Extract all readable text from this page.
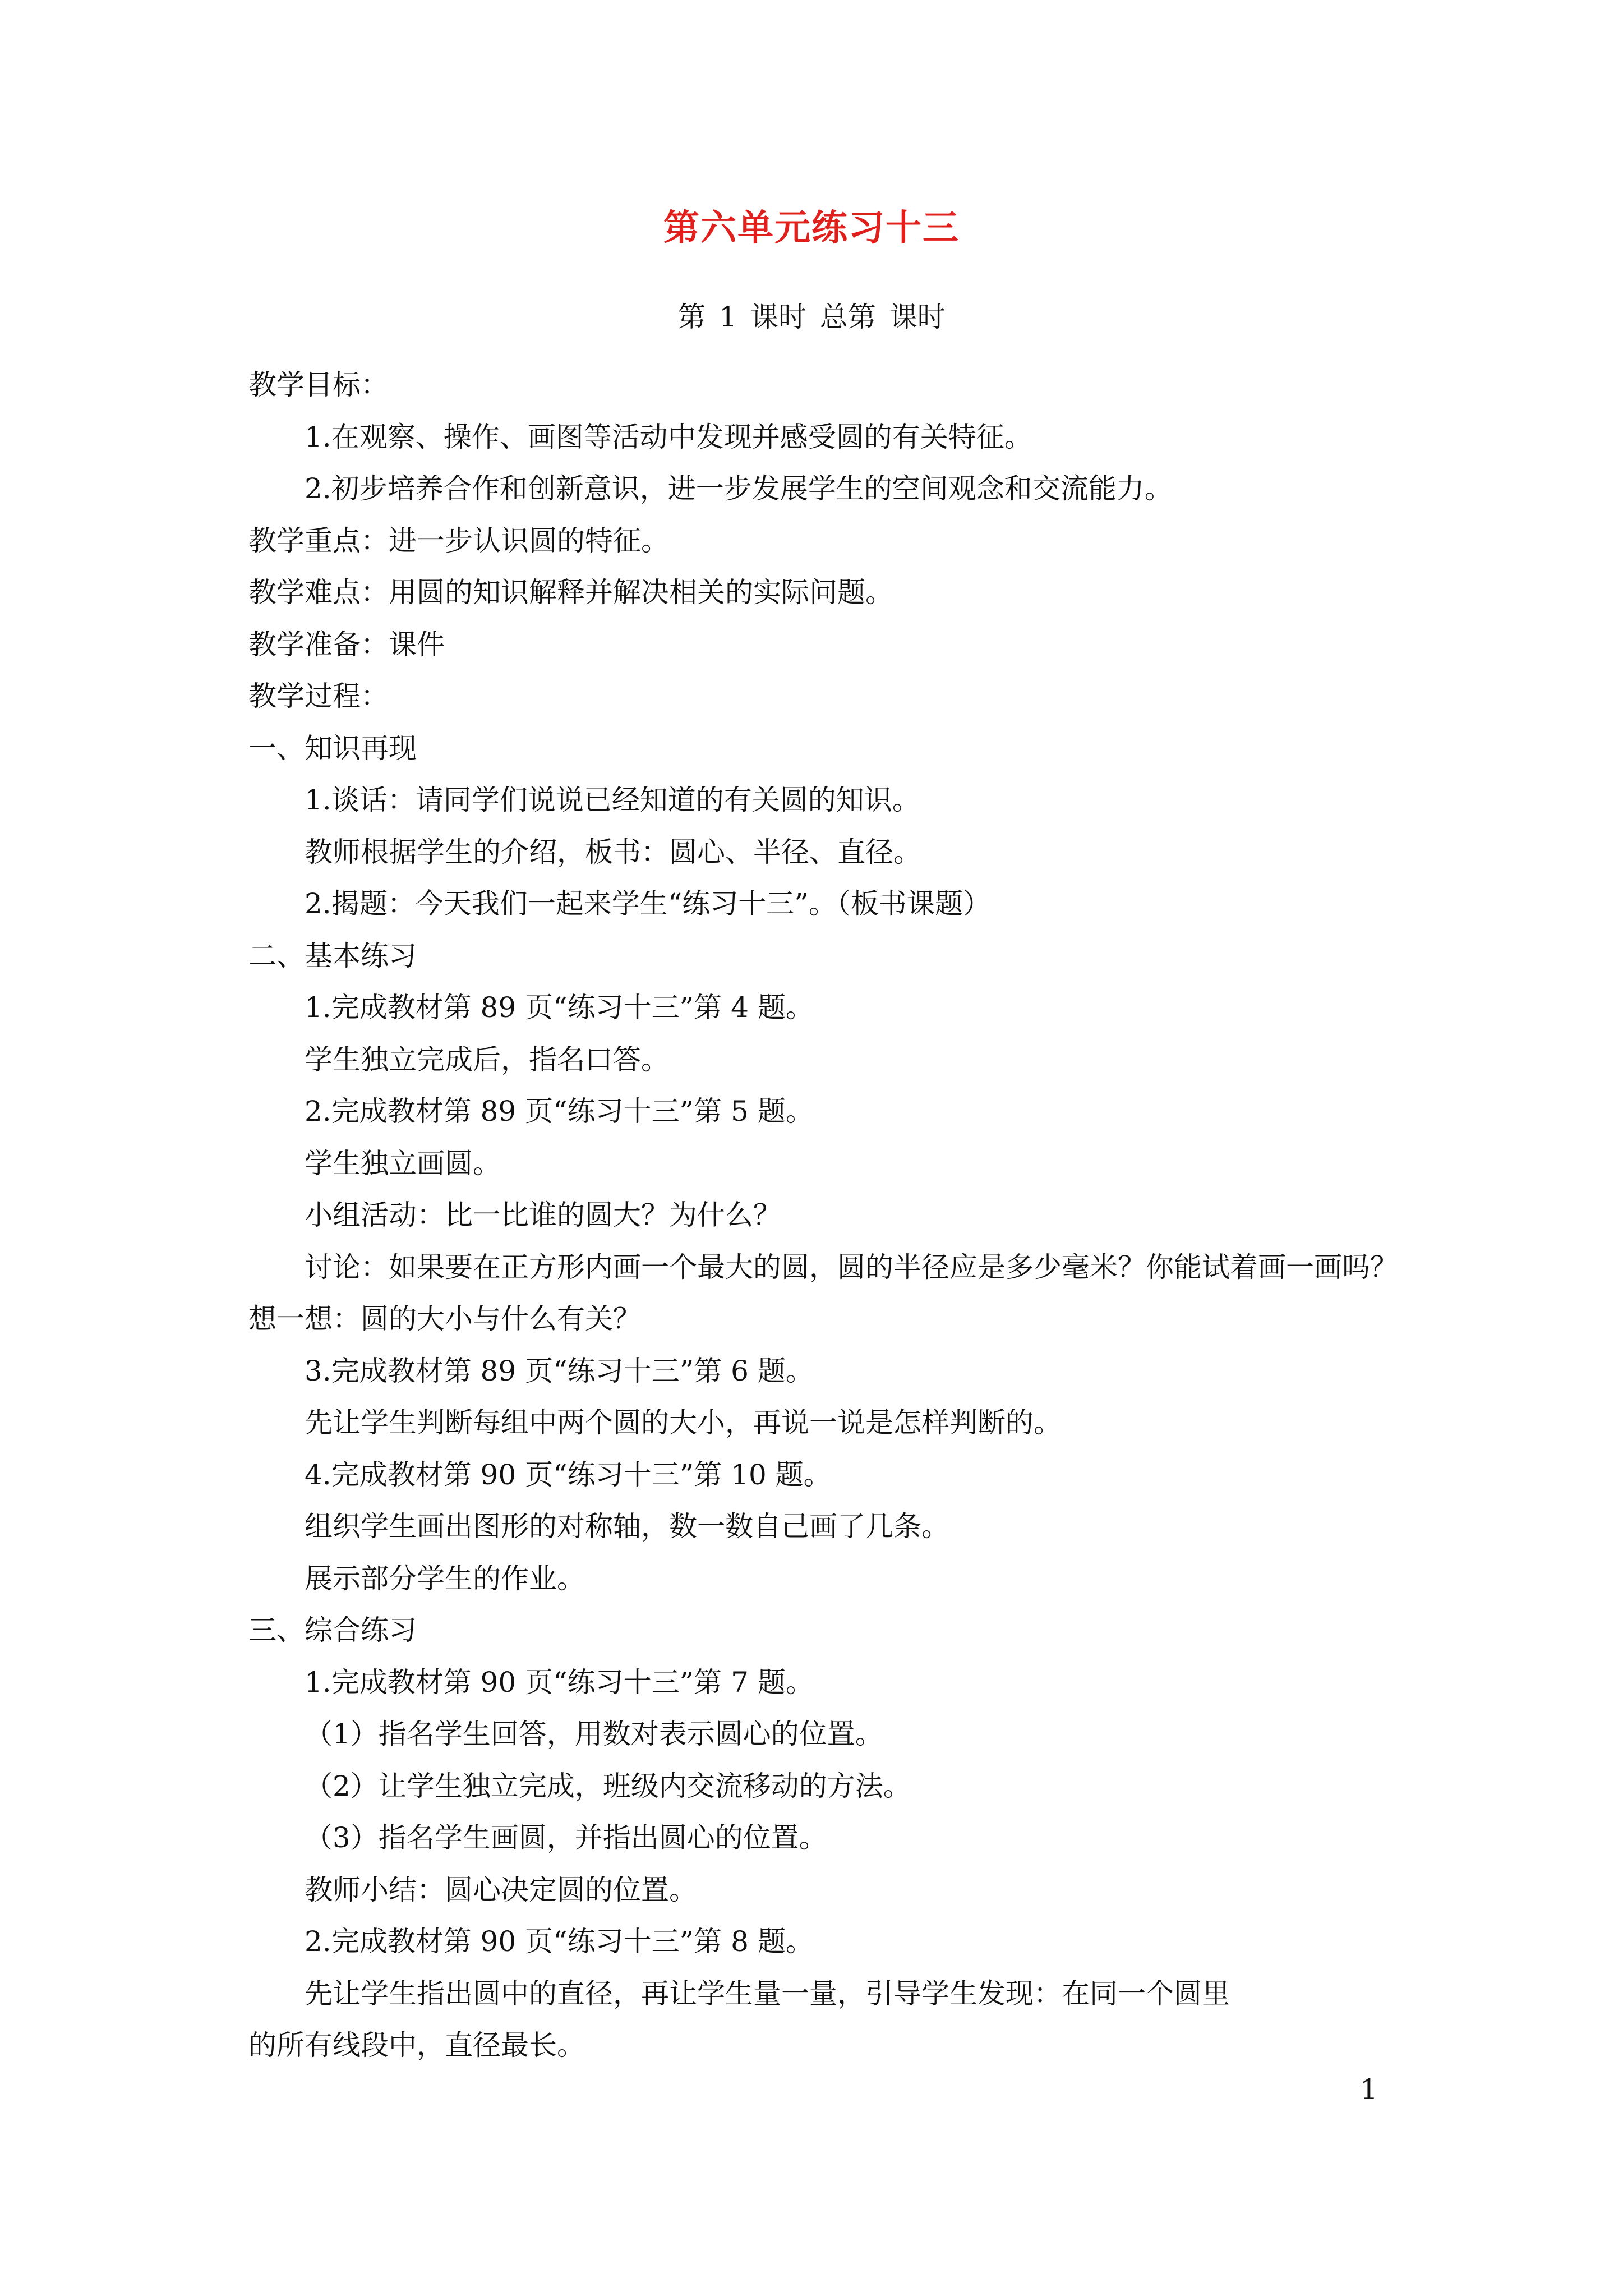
第六单元练习十三
第 1 课时 总第 课时
教学目标：
1.在观察、操作、画图等活动中发现并感受圆的有关特征。
2.初步培养合作和创新意识，进一步发展学生的空间观念和交流能力。
教学重点：进一步认识圆的特征。
教学难点：用圆的知识解释并解决相关的实际问题。
教学准备：课件
教学过程：
一、知识再现
1.谈话：请同学们说说已经知道的有关圆的知识。
教师根据学生的介绍，板书：圆心、半径、直径。
2.揭题：今天我们一起来学生“练习十三”。（板书课题）
二、基本练习
1.完成教材第 89 页“练习十三”第 4 题。
学生独立完成后，指名口答。
2.完成教材第 89 页“练习十三”第 5 题。
学生独立画圆。
小组活动：比一比谁的圆大？为什么？
讨论：如果要在正方形内画一个最大的圆，圆的半径应是多少毫米？你能试着画一画吗？
想一想：圆的大小与什么有关？
3.完成教材第 89 页“练习十三”第 6 题。
先让学生判断每组中两个圆的大小，再说一说是怎样判断的。
4.完成教材第 90 页“练习十三”第 10 题。
组织学生画出图形的对称轴，数一数自己画了几条。
展示部分学生的作业。
三、综合练习
1.完成教材第 90 页“练习十三”第 7 题。
（1）指名学生回答，用数对表示圆心的位置。
（2）让学生独立完成，班级内交流移动的方法。
（3）指名学生画圆，并指出圆心的位置。
教师小结：圆心决定圆的位置。
2.完成教材第 90 页“练习十三”第 8 题。
先让学生指出圆中的直径，再让学生量一量，引导学生发现：在同一个圆里
的所有线段中，直径最长。
1
